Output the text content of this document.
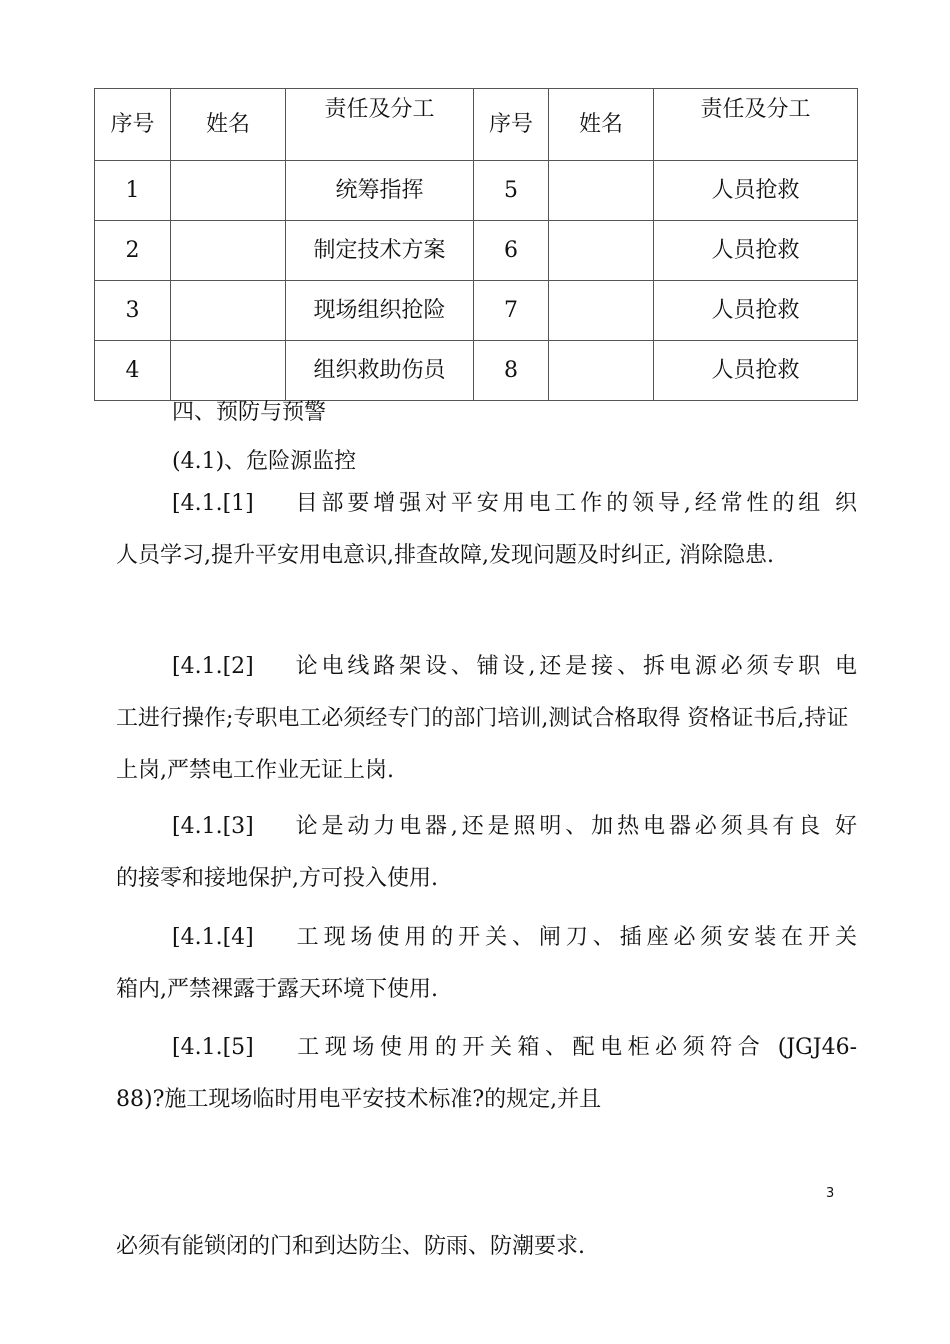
序号	姓名	责任及分工	序号	姓名	责任及分工
1		统筹指挥	5		人员抢救
2		制定技术方案	6		人员抢救
3		现场组织抢险	7		人员抢救
4		组织救助伤员	8		人员抢救
四、预防与预警
(4.1)、危险源监控
[4.1.[1] 目部要增强对平安用电工作的领导,经常性的组 织
人员学习,提升平安用电意识,排查故障,发现问题及时纠正, 消除隐患.
[4.1.[2] 论电线路架设、铺设,还是接、拆电源必须专职 电
工进行操作;专职电工必须经专门的部门培训,测试合格取得 资格证书后,持证上岗,严禁电工作业无证上岗.
[4.1.[3] 论是动力电器,还是照明、加热电器必须具有良 好
的接零和接地保护,方可投入使用.
[4.1.[4] 工现场使用的开关、闸刀、插座必须安装在开关
箱内,严禁裸露于露天环境下使用.
[4.1.[5] 工现场使用的开关箱、配电柜必须符合 (JGJ46-
88)?施工现场临时用电平安技术标准?的规定,并且
3
必须有能锁闭的门和到达防尘、防雨、防潮要求.
